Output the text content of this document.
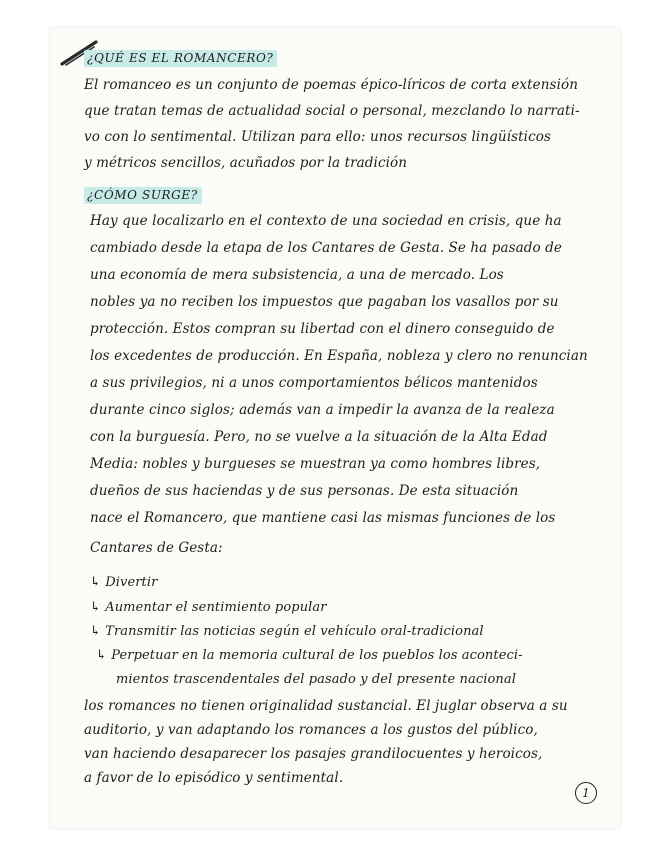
¿QUÉ ES EL ROMANCERO?
El romanceo es un conjunto de poemas épico-líricos de corta extensión
que tratan temas de actualidad social o personal, mezclando lo narrati-
vo con lo sentimental. Utilizan para ello: unos recursos lingüísticos
y métricos sencillos, acuñados por la tradición
¿CÓMO SURGE?
Hay que localizarlo en el contexto de una sociedad en crisis, que ha
cambiado desde la etapa de los Cantares de Gesta. Se ha pasado de
una economía de mera subsistencia, a una de mercado. Los
nobles ya no reciben los impuestos que pagaban los vasallos por su
protección. Estos compran su libertad con el dinero conseguido de
los excedentes de producción. En España, nobleza y clero no renuncian
a sus privilegios, ni a unos comportamientos bélicos mantenidos
durante cinco siglos; además van a impedir la avanza de la realeza
con la burguesía. Pero, no se vuelve a la situación de la Alta Edad
Media: nobles y burgueses se muestran ya como hombres libres,
dueños de sus haciendas y de sus personas. De esta situación
nace el Romancero, que mantiene casi las mismas funciones de los
Cantares de Gesta:
↳ Divertir
↳ Aumentar el sentimiento popular
↳ Transmitir las noticias según el vehículo oral-tradicional
↳ Perpetuar en la memoria cultural de los pueblos los aconteci-
mientos trascendentales del pasado y del presente nacional
los romances no tienen originalidad sustancial. El juglar observa a su
auditorio, y van adaptando los romances a los gustos del público,
van haciendo desaparecer los pasajes grandilocuentes y heroicos,
a favor de lo episódico y sentimental.
1
